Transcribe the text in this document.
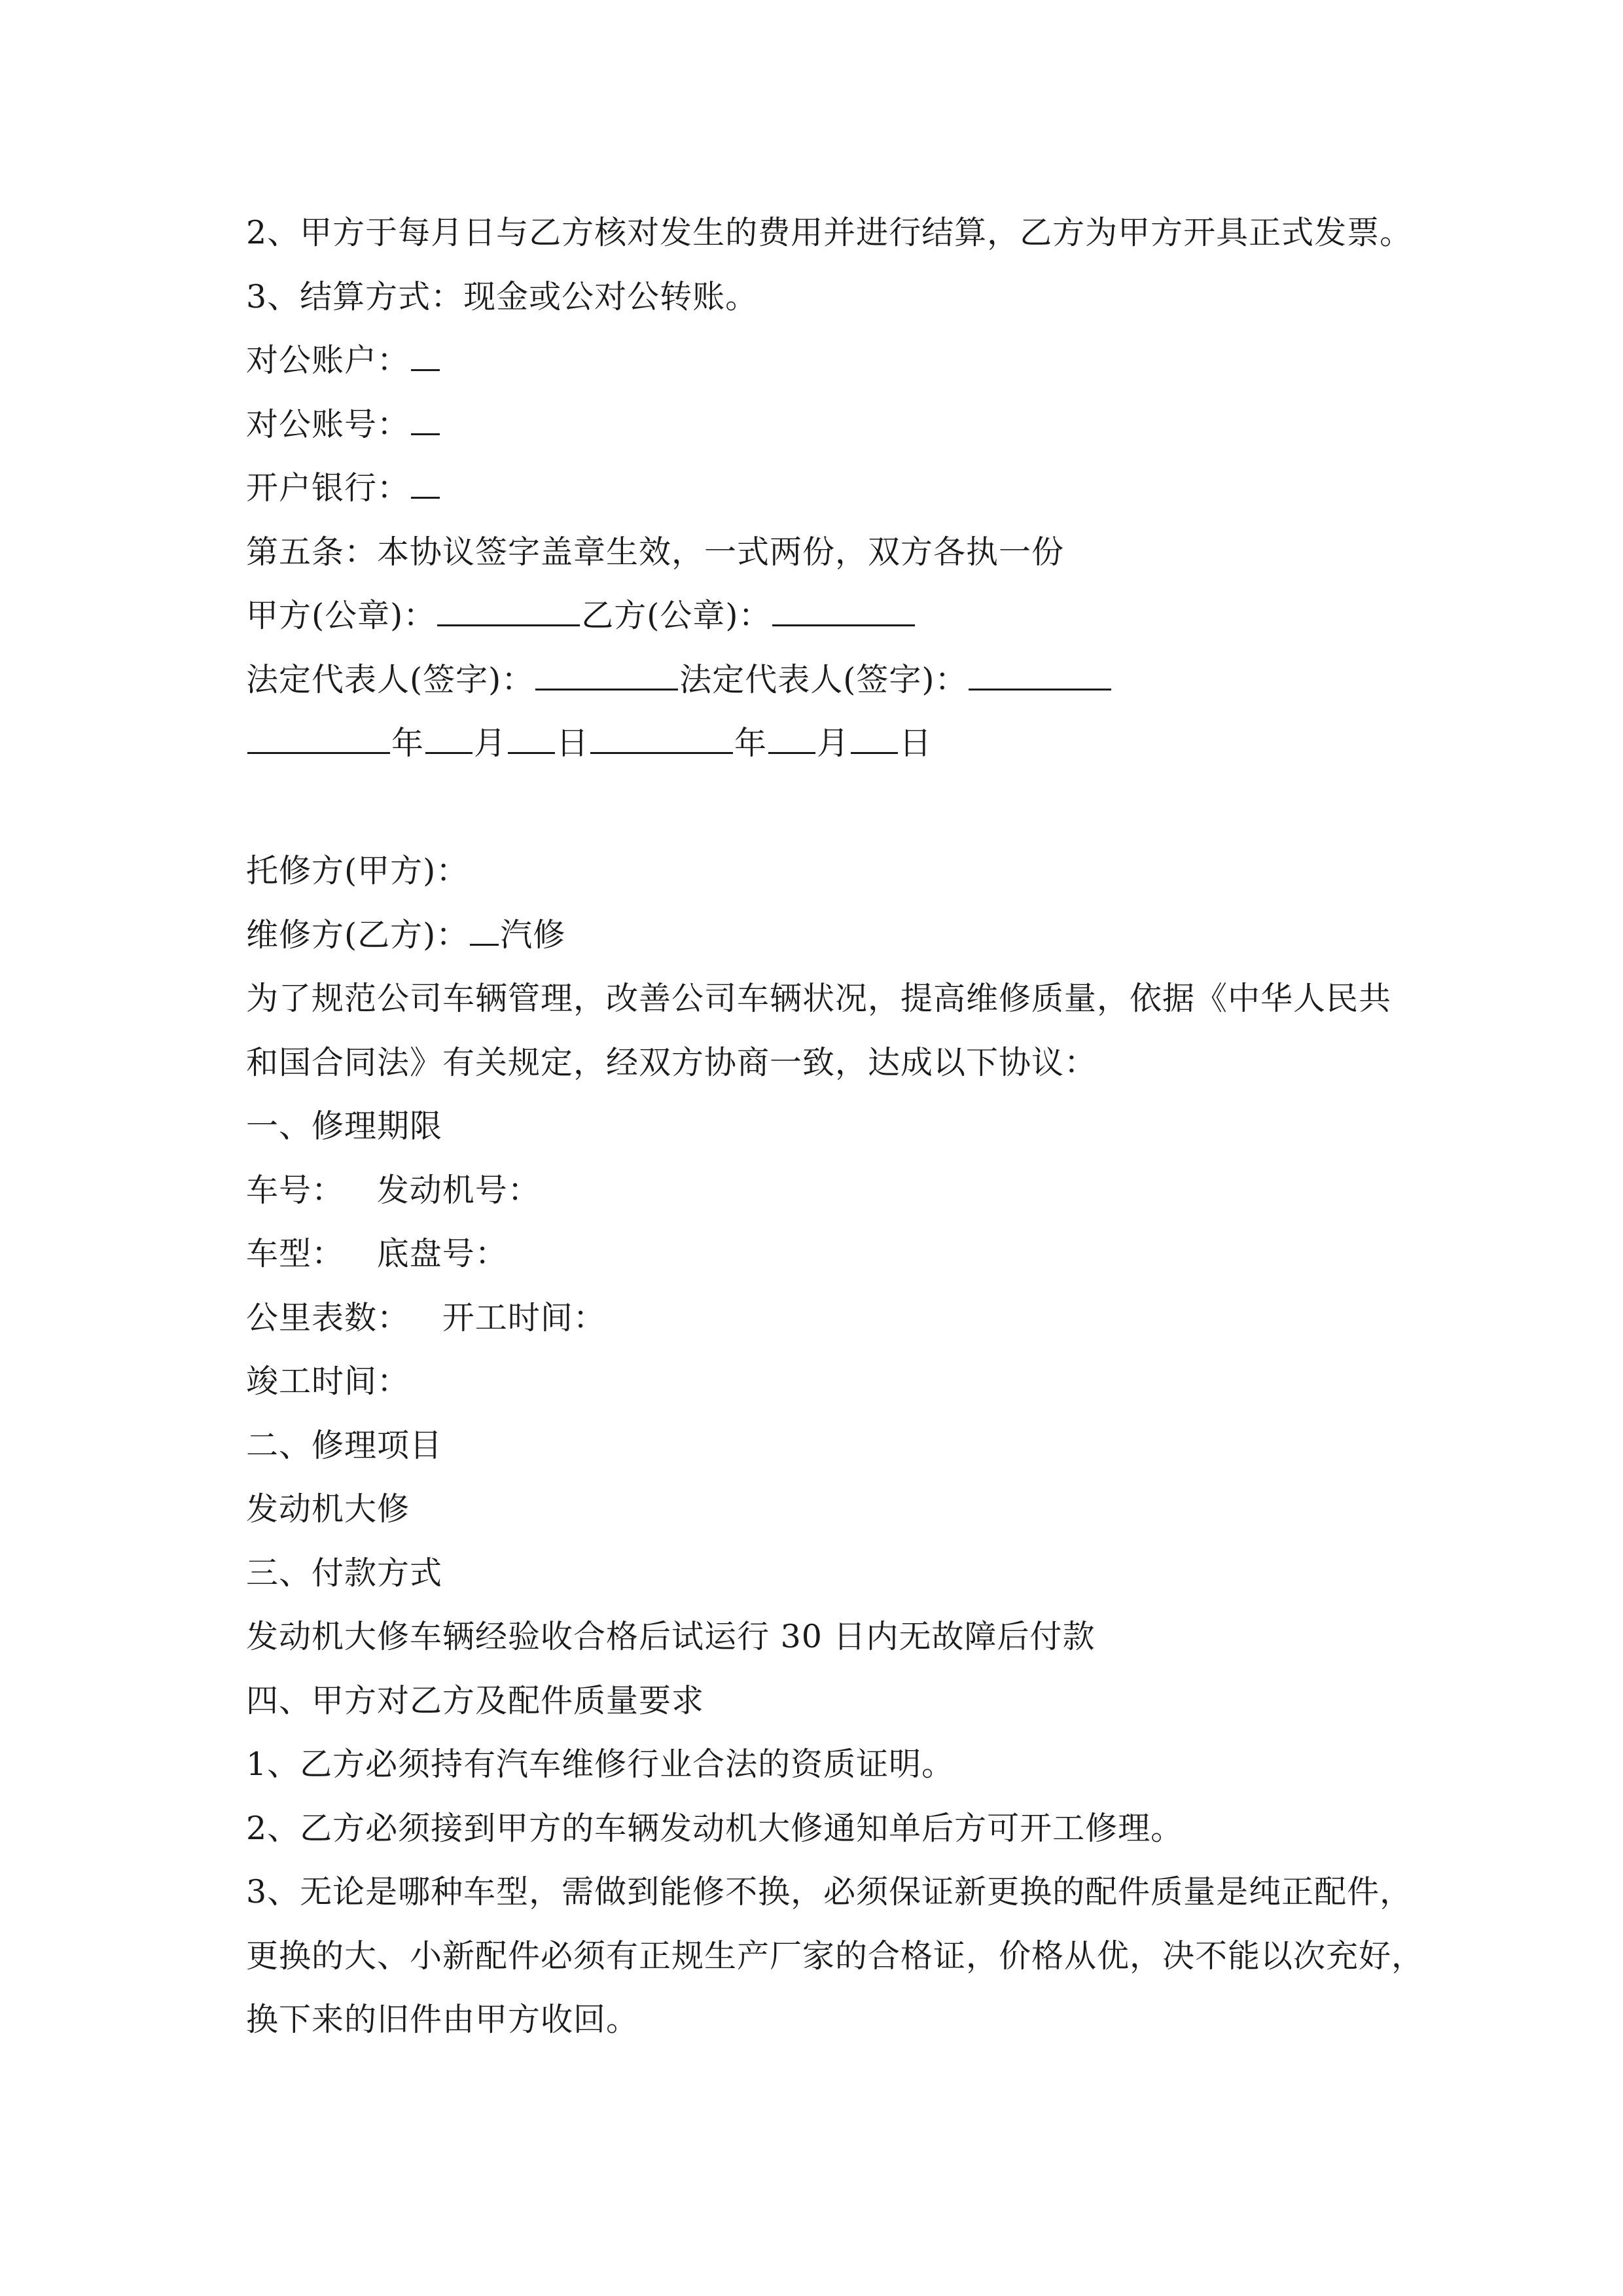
2、甲方于每月日与乙方核对发生的费用并进行结算，乙方为甲方开具正式发票。
3、结算方式：现金或公对公转账。
对公账户：
对公账号：
开户银行：
第五条：本协议签字盖章生效，一式两份，双方各执一份
甲方(公章)：	乙方(公章)：
法定代表人(签字)：	法定代表人(签字)：
年 月 日	年 月 日
托修方(甲方)：
维修方(乙方)： 汽修
为了规范公司车辆管理，改善公司车辆状况，提高维修质量，依据《中华人民共
和国合同法》有关规定，经双方协商一致，达成以下协议：
一、修理期限
车号：   发动机号：
车型：   底盘号：
公里表数：   开工时间：
竣工时间：
二、修理项目
发动机大修
三、付款方式
发动机大修车辆经验收合格后试运行 30 日内无故障后付款
四、甲方对乙方及配件质量要求
1、乙方必须持有汽车维修行业合法的资质证明。
2、乙方必须接到甲方的车辆发动机大修通知单后方可开工修理。
3、无论是哪种车型，需做到能修不换，必须保证新更换的配件质量是纯正配件，
更换的大、小新配件必须有正规生产厂家的合格证，价格从优，决不能以次充好，
换下来的旧件由甲方收回。
